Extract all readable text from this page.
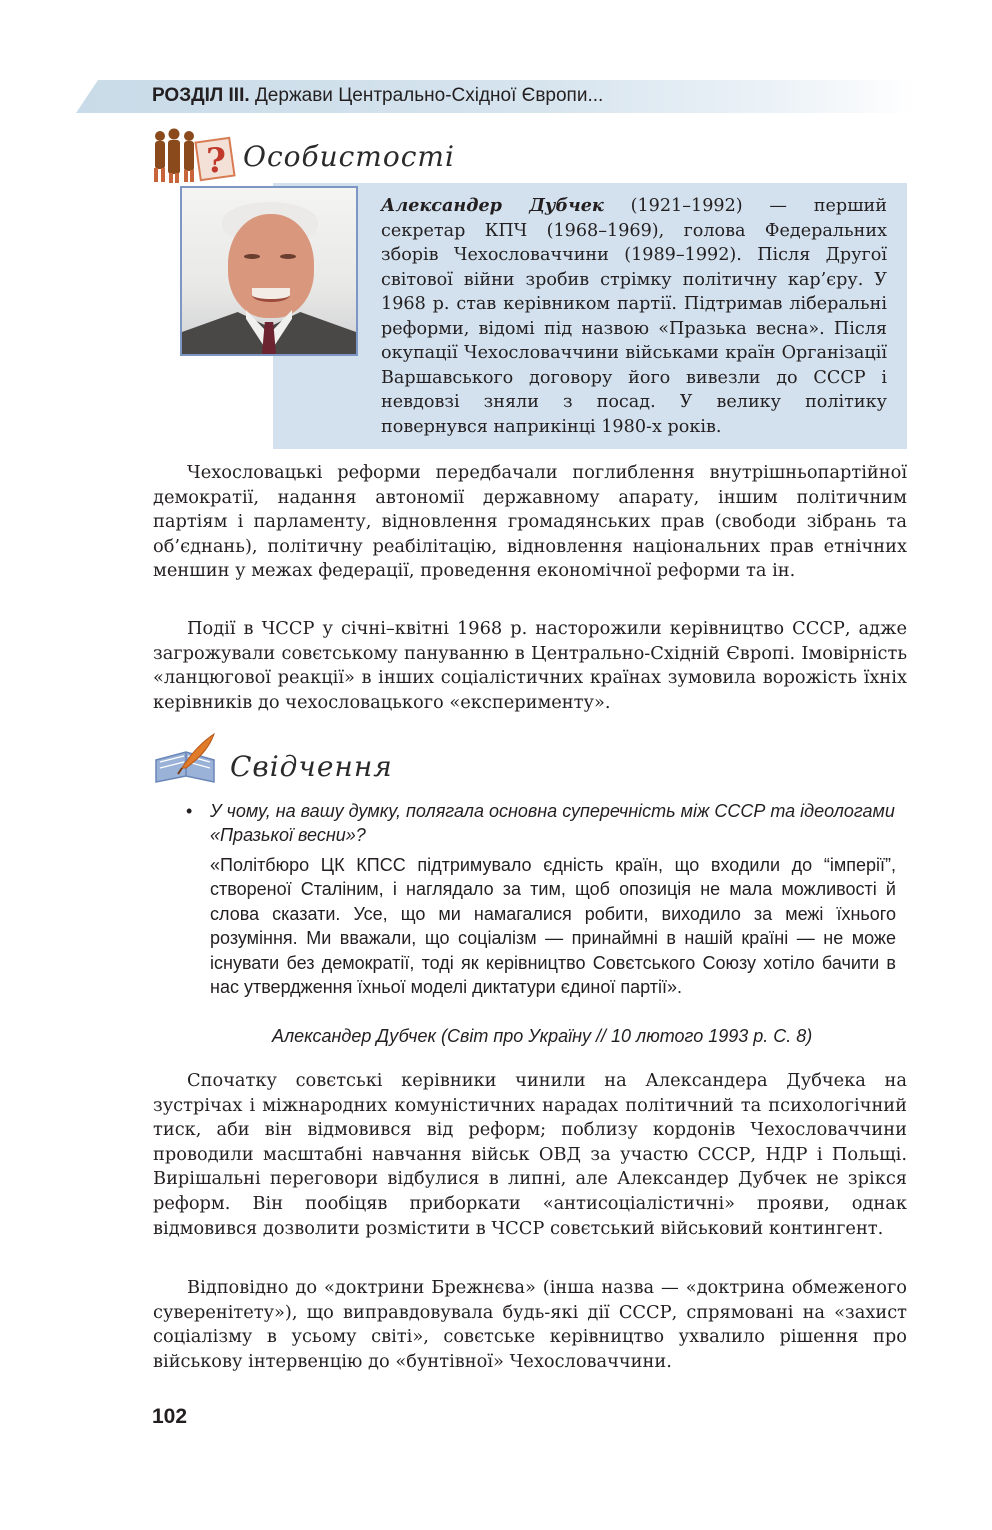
РОЗДІЛ ІІІ. Держави Центрально-Східної Європи...
? Особистості
Александер Дубчек (1921–1992) — перший секретар КПЧ (1968–1969), голова Федеральних зборів Чехословаччини (1989–1992). Після Другої світової війни зробив стрімку політичну кар’єру. У 1968 р. став керівником партії. Підтримав ліберальні реформи, відомі під назвою «Празька весна». Після окупації Чехословаччини військами країн Організації Варшавського договору його вивезли до СССР і невдовзі зняли з посад. У велику політику повернувся наприкінці 1980-х років.
Чехословацькі реформи передбачали поглиблення внутрішньопартійної демократії, надання автономії державному апарату, іншим політичним партіям і парламенту, відновлення громадянських прав (свободи зібрань та об’єднань), політичну реабілітацію, відновлення національних прав етнічних меншин у межах федерації, проведення економічної реформи та ін.
Події в ЧССР у січні–квітні 1968 р. насторожили керівництво СССР, адже загрожували совєтському пануванню в Центрально-Східній Європі. Імовірність «ланцюгової реакції» в інших соціалістичних країнах зумовила ворожість їхніх керівників до чехословацького «експерименту».
Свідчення
• У чому, на вашу думку, полягала основна суперечність між СССР та ідеологами «Празької весни»?
«Політбюро ЦК КПСС підтримувало єдність країн, що входили до “імперії”, створеної Сталіним, і наглядало за тим, щоб опозиція не мала можливості й слова сказати. Усе, що ми намагалися робити, виходило за межі їхнього розуміння. Ми вважали, що соціалізм — принаймні в нашій країні — не може існувати без демократії, тоді як керівництво Совєтського Союзу хотіло бачити в нас утвердження їхньої моделі диктатури єдиної партії».
Александер Дубчек (Світ про Україну // 10 лютого 1993 р. С. 8)
Спочатку совєтські керівники чинили на Александера Дубчека на зустрічах і міжнародних комуністичних нарадах політичний та психологічний тиск, аби він відмовився від реформ; поблизу кордонів Чехословаччини проводили масштабні навчання військ ОВД за участю СССР, НДР і Польщі. Вирішальні переговори відбулися в липні, але Александер Дубчек не зрікся реформ. Він пообіцяв приборкати «антисоціалістичні» прояви, однак відмовився дозволити розмістити в ЧССР совєтський військовий контингент.
Відповідно до «доктрини Брежнєва» (інша назва — «доктрина обмеженого суверенітету»), що виправдовувала будь-які дії СССР, спрямовані на «захист соціалізму в усьому світі», совєтське керівництво ухвалило рішення про військову інтервенцію до «бунтівної» Чехословаччини.
102
